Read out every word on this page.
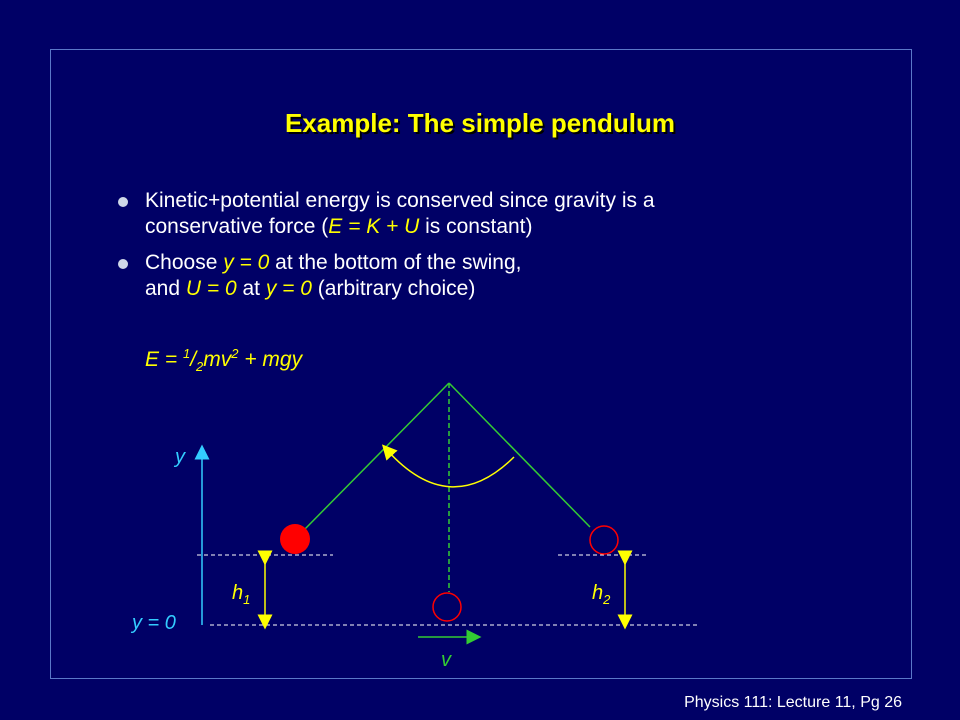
Example: The simple pendulum
Kinetic+potential energy is conserved since gravity is a
conservative force (E = K + U is constant)
Choose y = 0 at the bottom of the swing,
and U = 0 at y = 0 (arbitrary choice)
$E = ^1/_2mv^2$ + mgy
y
y = 0
$h_1$	$h_2$
v
Physics 111: Lecture 11, Pg 26
